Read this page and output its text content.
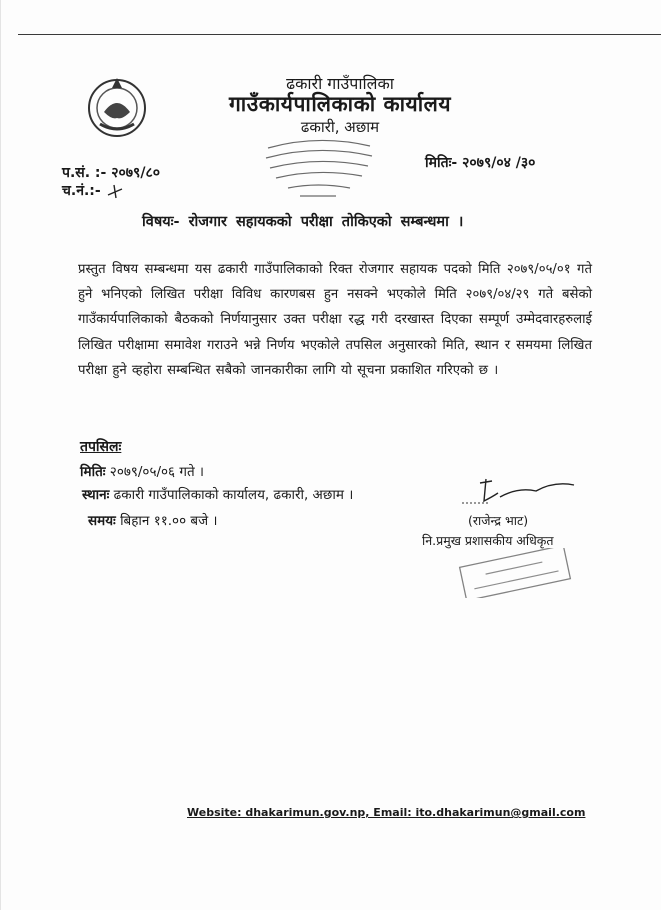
ढकारी गाउँपालिका
गाउँकार्यपालिकाको कार्यालय
ढकारी, अछाम
प.सं. :- २०७९/८०
च.नं.:-
मितिः- २०७९/०४ /३०
विषयः- रोजगार सहायकको परीक्षा तोकिएको सम्बन्धमा ।
प्रस्तुत विषय सम्बन्धमा यस ढकारी गाउँपालिकाको रिक्त रोजगार सहायक पदको मिति २०७९/०५/०१ गते हुने भनिएको लिखित परीक्षा विविध कारणबस हुन नसक्ने भएकोले मिति २०७९/०४/२९ गते बसेको गाउँकार्यपालिकाको बैठकको निर्णयानुसार उक्त परीक्षा रद्ध गरी दरखास्त दिएका सम्पूर्ण उम्मेदवारहरुलाई लिखित परीक्षामा समावेश गराउने भन्ने निर्णय भएकोले तपसिल अनुसारको मिति, स्थान र समयमा लिखित परीक्षा हुने व्हहोरा सम्बन्धित सबैको जानकारीका लागि यो सूचना प्रकाशित गरिएको छ ।
तपसिलः
मितिः २०७९/०५/०६ गते ।
स्थानः ढकारी गाउँपालिकाको कार्यालय, ढकारी, अछाम ।
समयः बिहान ११.०० बजे ।	(राजेन्द्र भाट)
नि.प्रमुख प्रशासकीय अधिकृत
Website: dhakarimun.gov.np, Email: ito.dhakarimun@gmail.com
